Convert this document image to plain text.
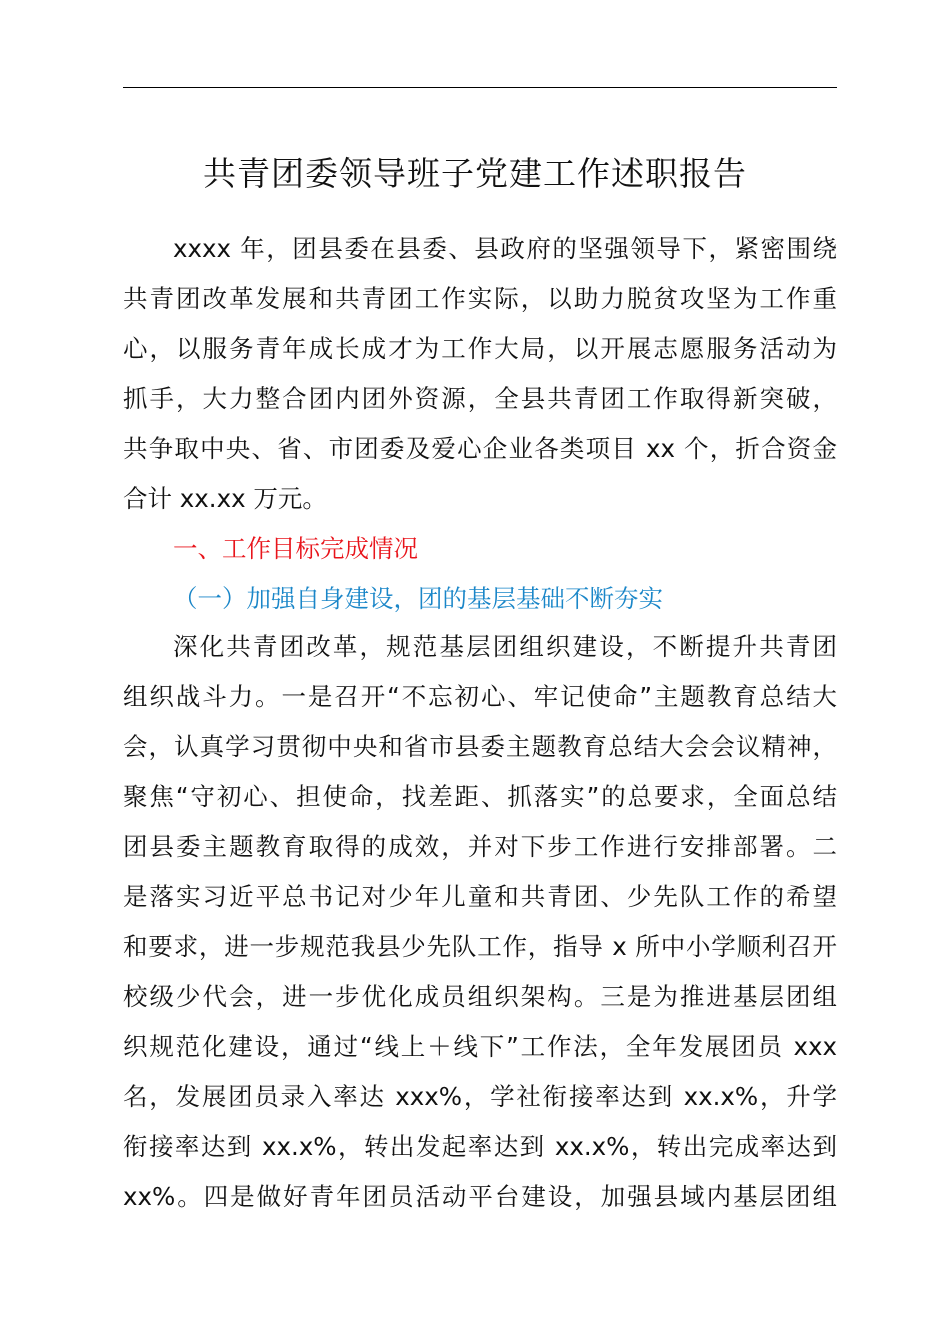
共青团委领导班子党建工作述职报告
xxxx 年，团县委在县委、县政府的坚强领导下，紧密围绕
共青团改革发展和共青团工作实际，以助力脱贫攻坚为工作重
心，以服务青年成长成才为工作大局，以开展志愿服务活动为
抓手，大力整合团内团外资源，全县共青团工作取得新突破，
共争取中央、省、市团委及爱心企业各类项目 xx 个，折合资金
合计 xx.xx 万元。
一、工作目标完成情况
（一）加强自身建设，团的基层基础不断夯实
深化共青团改革，规范基层团组织建设，不断提升共青团
组织战斗力。一是召开“不忘初心、牢记使命”主题教育总结大
会，认真学习贯彻中央和省市县委主题教育总结大会会议精神，
聚焦“守初心、担使命，找差距、抓落实”的总要求，全面总结
团县委主题教育取得的成效，并对下步工作进行安排部署。二
是落实习近平总书记对少年儿童和共青团、少先队工作的希望
和要求，进一步规范我县少先队工作，指导 x 所中小学顺利召开
校级少代会，进一步优化成员组织架构。三是为推进基层团组
织规范化建设，通过“线上＋线下”工作法，全年发展团员 xxx
名，发展团员录入率达 xxx%，学社衔接率达到 xx.x%，升学
衔接率达到 xx.x%，转出发起率达到 xx.x%，转出完成率达到
xx%。四是做好青年团员活动平台建设，加强县域内基层团组
